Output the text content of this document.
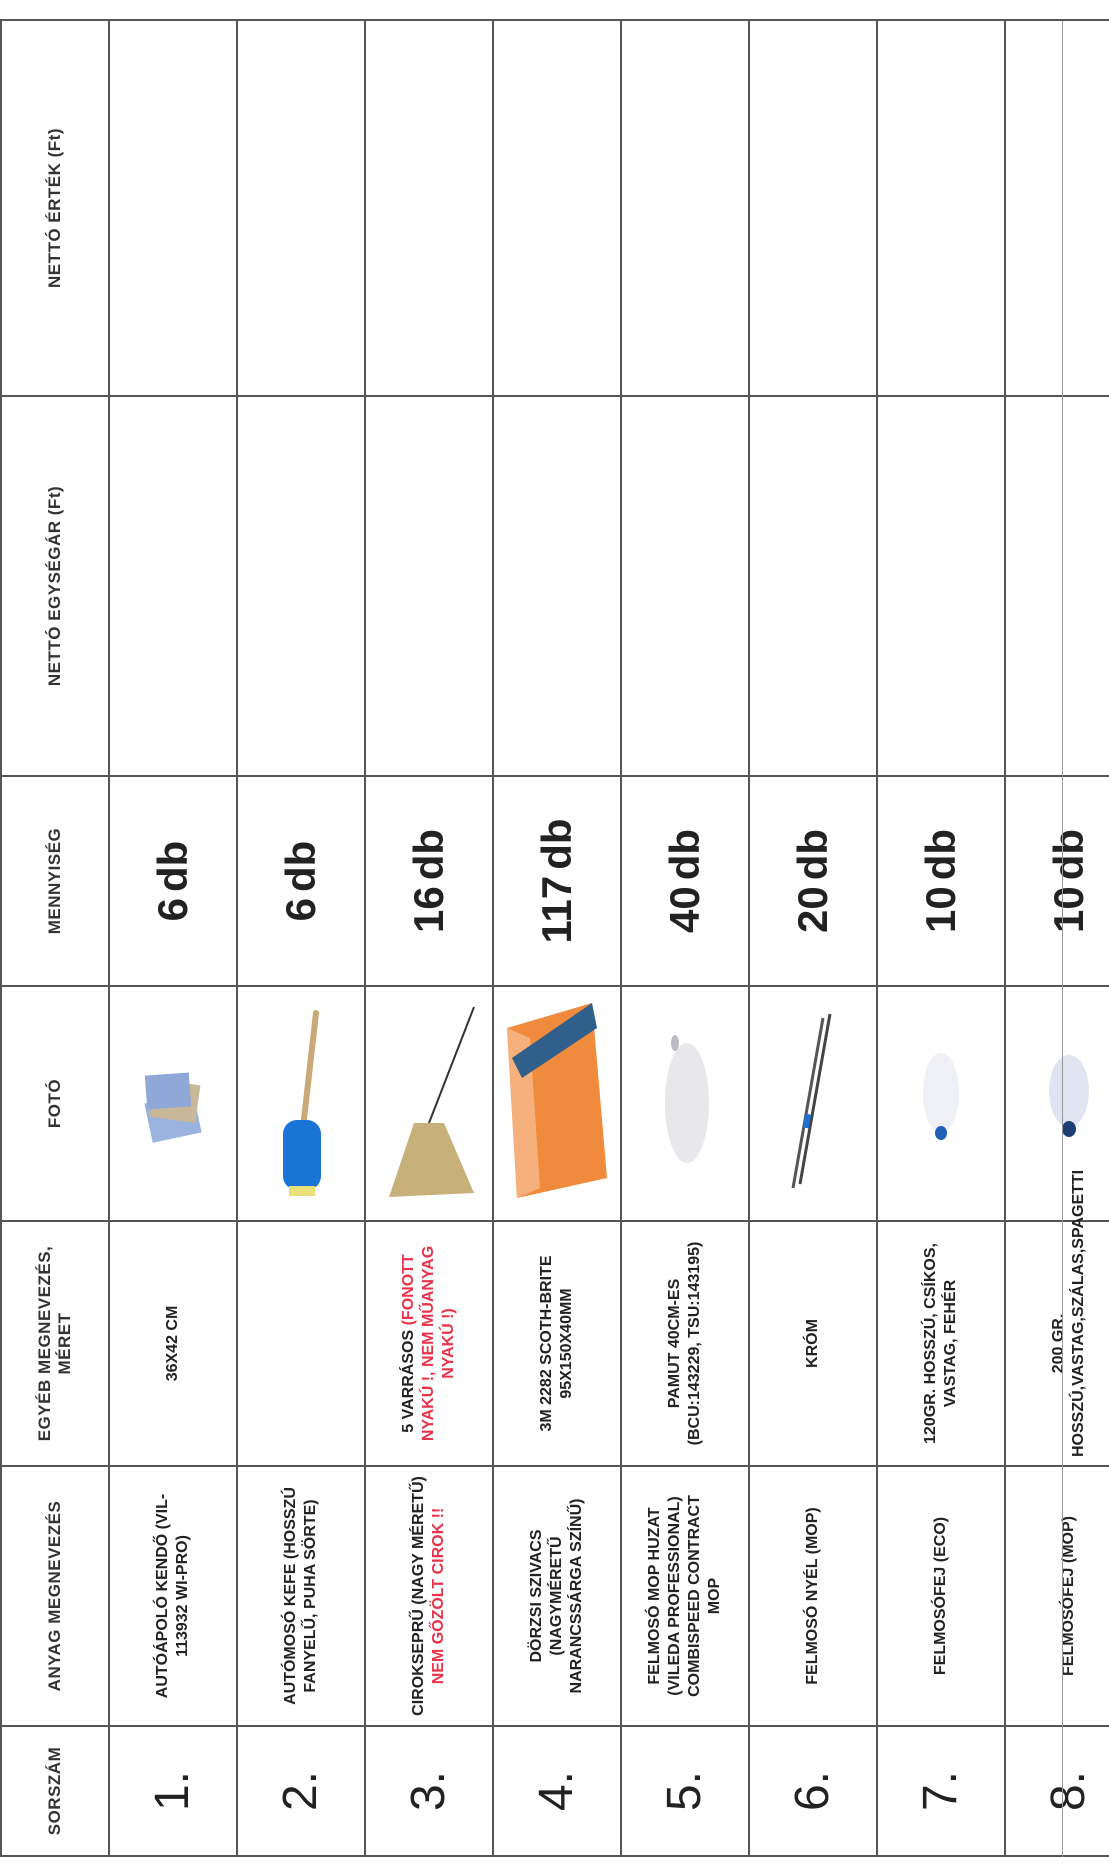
SORSZÁM	ANYAG MEGNEVEZÉS	EGYÉB MEGNEVEZÉS, MÉRET	FOTÓ	MENNYISÉG	NETTÓ EGYSÉGÁR (Ft)	NETTÓ ÉRTÉK (Ft)
1.	AUTÓÁPOLÓ KENDŐ (VIL-113932 WI-PRO)	36X42 CM		6db		
2.	AUTÓMOSÓ KEFE (HOSSZÚ FANYELŰ, PUHA SÖRTE)			6db		
3.	CIROKSEPRŰ (NAGY MÉRETŰ) NEM GŐZÖLT CIROK !!	5 VARRÁSOS (FONOTT NYAKÚ !, NEM MŰANYAG NYAKÚ !)		16db		
4.	DÖRZSI SZIVACS (NAGYMÉRETŰ NARANCSSÁRGA SZÍNŰ)	3M 2282 SCOTH-BRITE 95X150X40MM		117db		
5.	FELMOSÓ MOP HUZAT (VILEDA PROFESSIONAL) COMBISPEED CONTRACT MOP	PAMUT 40CM-ES (BCU:143229, TSU:143195)		40db		
6.	FELMOSÓ NYÉL (MOP)	KRÓM		20db		
7.	FELMOSÓFEJ (ECO)	120GR. HOSSZÚ, CSÍKOS, VASTAG, FEHÉR		10db		
8.	FELMOSÓFEJ (MOP)	200 GR. HOSSZÚ,VASTAG,SZÁLAS,SPAGETTI		10db		
